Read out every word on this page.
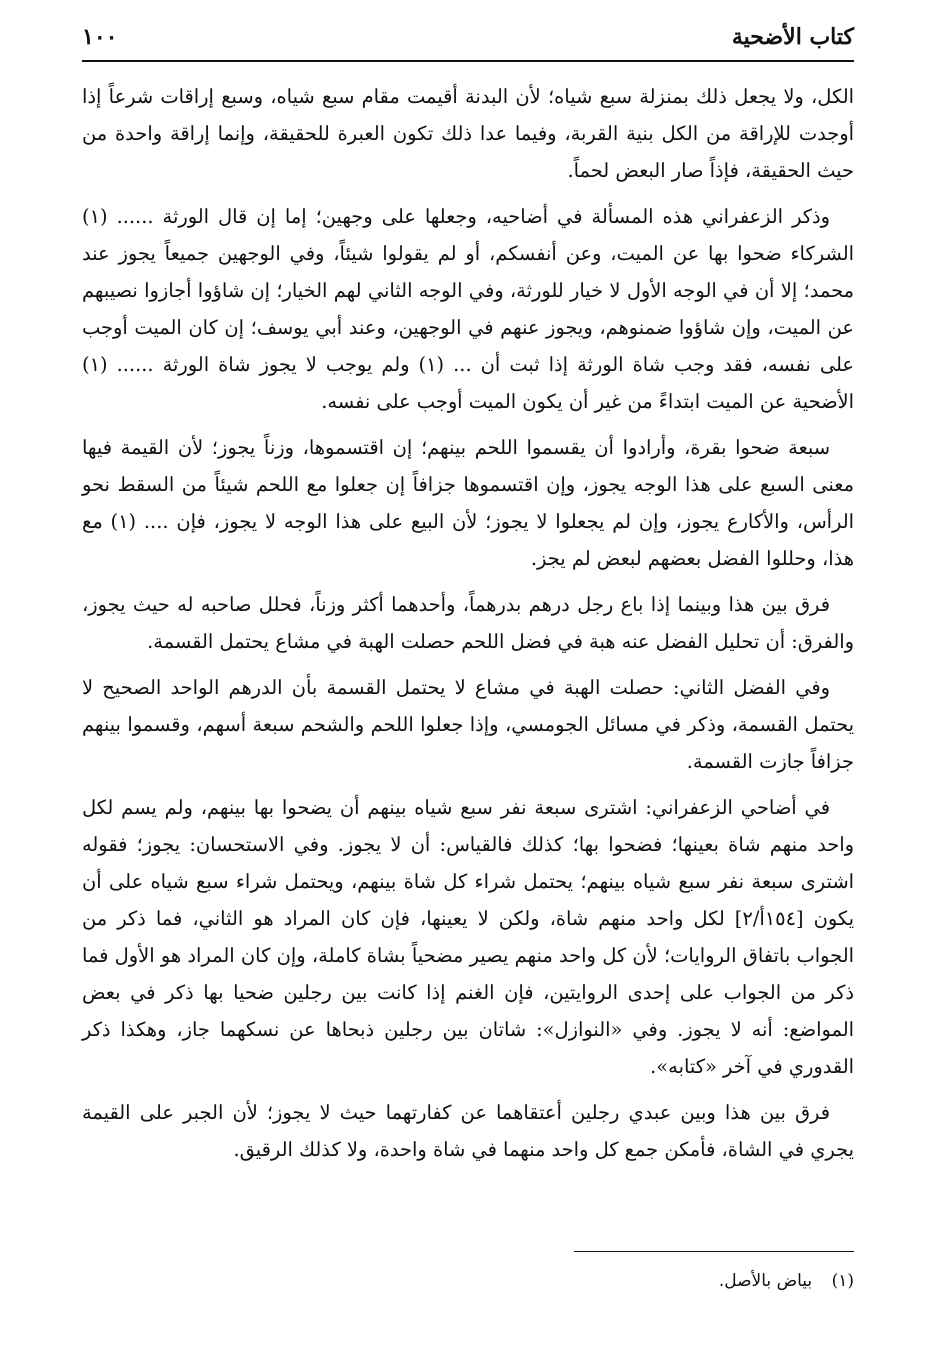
كتاب الأضحية
١٠٠

الكل، ولا يجعل ذلك بمنزلة سبع شياه؛ لأن البدنة أقيمت مقام سبع شياه، وسبع إراقات شرعاً إذا أوجدت للإراقة من الكل بنية القربة، وفيما عدا ذلك تكون العبرة للحقيقة، وإنما إراقة واحدة من حيث الحقيقة، فإذاً صار البعض لحماً.

وذكر الزعفراني هذه المسألة في أضاحيه، وجعلها على وجهين؛ إما إن قال الورثة ...... (١) الشركاء ضحوا بها عن الميت، وعن أنفسكم، أو لم يقولوا شيئاً، وفي الوجهين جميعاً يجوز عند محمد؛ إلا أن في الوجه الأول لا خيار للورثة، وفي الوجه الثاني لهم الخيار؛ إن شاؤوا أجازوا نصيبهم عن الميت، وإن شاؤوا ضمنوهم، ويجوز عنهم في الوجهين، وعند أبي يوسف؛ إن كان الميت أوجب على نفسه، فقد وجب شاة الورثة إذا ثبت أن ... (١) ولم يوجب لا يجوز شاة الورثة ...... (١) الأضحية عن الميت ابتداءً من غير أن يكون الميت أوجب على نفسه.

سبعة ضحوا بقرة، وأرادوا أن يقسموا اللحم بينهم؛ إن اقتسموها، وزناً يجوز؛ لأن القيمة فيها معنى السبع على هذا الوجه يجوز، وإن اقتسموها جزافاً إن جعلوا مع اللحم شيئاً من السقط نحو الرأس، والأكارع يجوز، وإن لم يجعلوا لا يجوز؛ لأن البيع على هذا الوجه لا يجوز، فإن .... (١) مع هذا، وحللوا الفضل بعضهم لبعض لم يجز.

فرق بين هذا وبينما إذا باع رجل درهم بدرهماً، وأحدهما أكثر وزناً، فحلل صاحبه له حيث يجوز، والفرق: أن تحليل الفضل عنه هبة في فضل اللحم حصلت الهبة في مشاع يحتمل القسمة.

وفي الفضل الثاني: حصلت الهبة في مشاع لا يحتمل القسمة بأن الدرهم الواحد الصحيح لا يحتمل القسمة، وذكر في مسائل الجومسي، وإذا جعلوا اللحم والشحم سبعة أسهم، وقسموا بينهم جزافاً جازت القسمة.

في أضاحي الزعفراني: اشترى سبعة نفر سبع شياه بينهم أن يضحوا بها بينهم، ولم يسم لكل واحد منهم شاة بعينها؛ فضحوا بها؛ كذلك فالقياس: أن لا يجوز. وفي الاستحسان: يجوز؛ فقوله اشترى سبعة نفر سبع شياه بينهم؛ يحتمل شراء كل شاة بينهم، ويحتمل شراء سبع شياه على أن يكون [١٥٤أ/٢] لكل واحد منهم شاة، ولكن لا يعينها، فإن كان المراد هو الثاني، فما ذكر من الجواب باتفاق الروايات؛ لأن كل واحد منهم يصير مضحياً بشاة كاملة، وإن كان المراد هو الأول فما ذكر من الجواب على إحدى الروايتين، فإن الغنم إذا كانت بين رجلين ضحيا بها ذكر في بعض المواضع: أنه لا يجوز. وفي «النوازل»: شاتان بين رجلين ذبحاها عن نسكهما جاز، وهكذا ذكر القدوري في آخر «كتابه».

فرق بين هذا وبين عبدي رجلين أعتقاهما عن كفارتهما حيث لا يجوز؛ لأن الجبر على القيمة يجري في الشاة، فأمكن جمع كل واحد منهما في شاة واحدة، ولا كذلك الرقيق.

(١) بياض بالأصل.
